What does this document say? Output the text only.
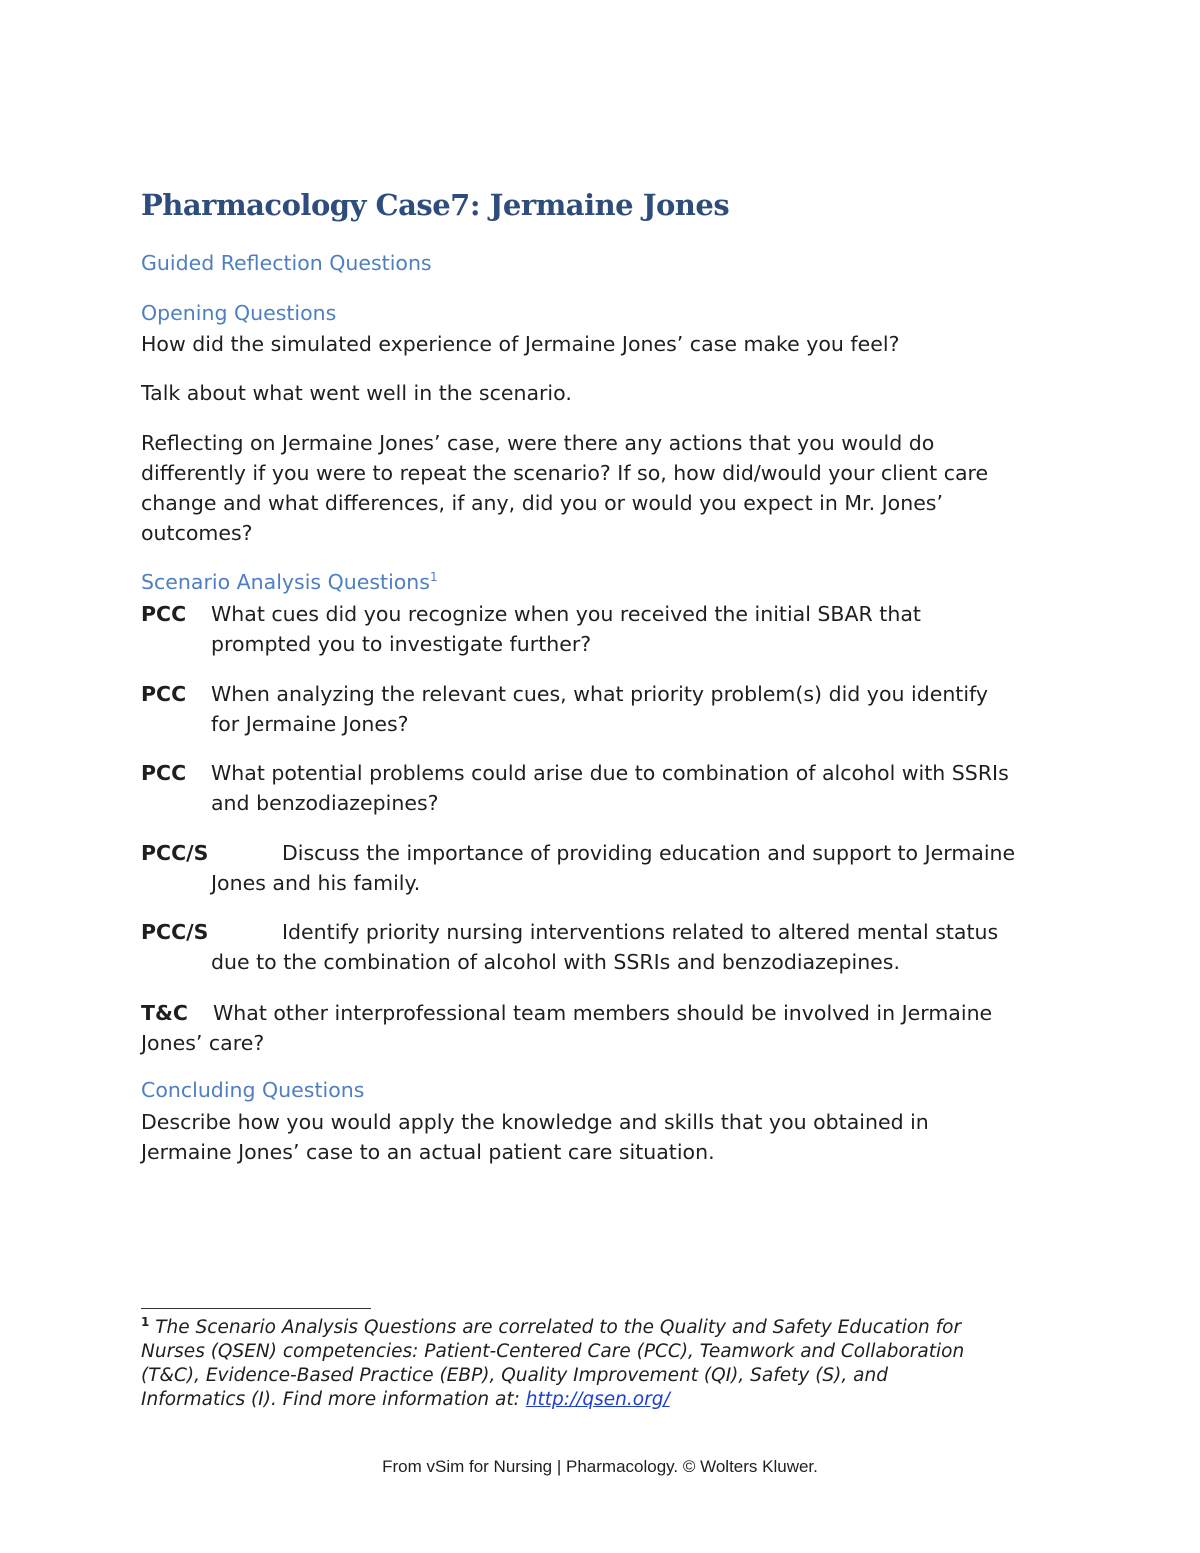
Pharmacology Case7: Jermaine Jones
Guided Reflection Questions
Opening Questions
How did the simulated experience of Jermaine Jones’ case make you feel?
Talk about what went well in the scenario.
Reflecting on Jermaine Jones’ case, were there any actions that you would do
differently if you were to repeat the scenario? If so, how did/would your client care
change and what differences, if any, did you or would you expect in Mr. Jones’
outcomes?
Scenario Analysis Questions$^1$
PCC What cues did you recognize when you received the initial SBAR that
prompted you to investigate further?
PCC When analyzing the relevant cues, what priority problem(s) did you identify
for Jermaine Jones?
PCC What potential problems could arise due to combination of alcohol with SSRIs
and benzodiazepines?
PCC/S	Discuss the importance of providing education and support to Jermaine
Jones and his family.
PCC/S	Identify priority nursing interventions related to altered mental status
due to the combination of alcohol with SSRIs and benzodiazepines.
T&C What other interprofessional team members should be involved in Jermaine
Jones’ care?
Concluding Questions
Describe how you would apply the knowledge and skills that you obtained in
Jermaine Jones’ case to an actual patient care situation.
$^1$ The Scenario Analysis Questions are correlated to the Quality and Safety Education for
Nurses (QSEN) competencies: Patient-Centered Care (PCC), Teamwork and Collaboration
(T&C), Evidence-Based Practice (EBP), Quality Improvement (QI), Safety (S), and
Informatics (I). Find more information at: http://qsen.org/
From vSim for Nursing | Pharmacology. © Wolters Kluwer.
